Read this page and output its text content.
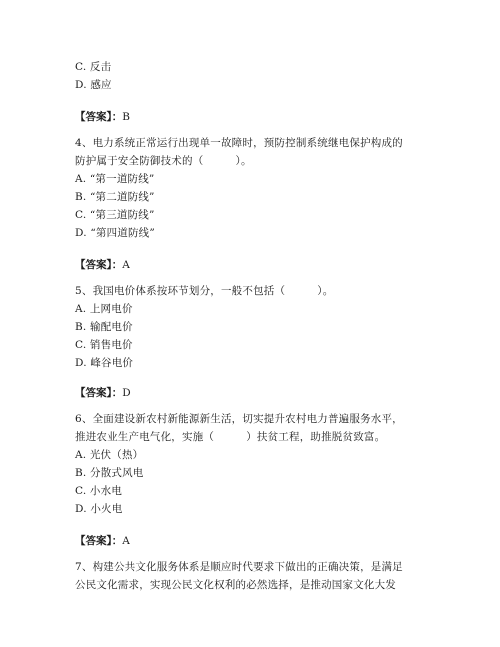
C. 反击
D. 感应
【答案】：B
4、电力系统正常运行出现单一故障时，预防控制系统继电保护构成的
防护属于安全防御技术的（　　　）。
A. “第一道防线”
B. “第二道防线”
C. “第三道防线”
D. “第四道防线”
【答案】：A
5、我国电价体系按环节划分，一般不包括（　　　）。
A. 上网电价
B. 输配电价
C. 销售电价
D. 峰谷电价
【答案】：D
6、全面建设新农村新能源新生活，切实提升农村电力普遍服务水平，
推进农业生产电气化，实施（　　　）扶贫工程，助推脱贫致富。
A. 光伏（热）
B. 分散式风电
C. 小水电
D. 小火电
【答案】：A
7、构建公共文化服务体系是顺应时代要求下做出的正确决策，是满足
公民文化需求，实现公民文化权利的必然选择，是推动国家文化大发
